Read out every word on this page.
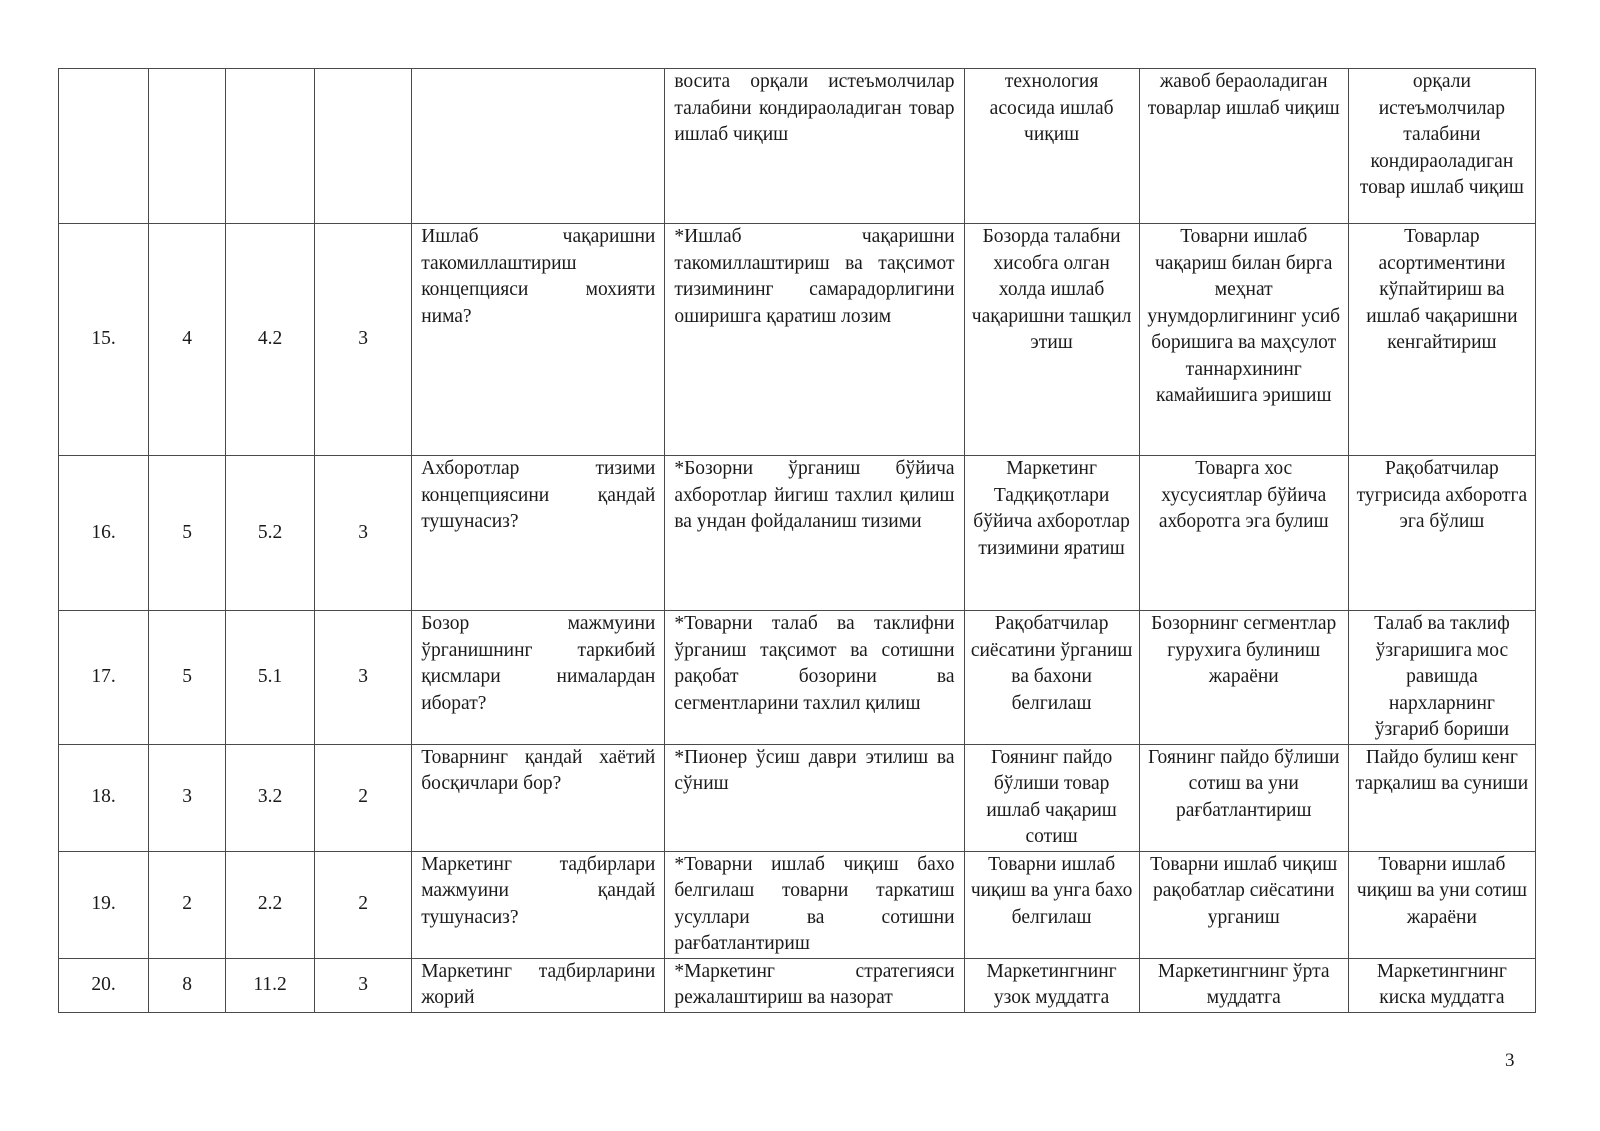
					восита орқали истеъмолчилар талабини кондираоладиган товар ишлаб чиқиш	технология асосида ишлаб чиқиш	жавоб бераоладиган товарлар ишлаб чиқиш	орқали истеъмолчилар талабини кондираоладиган товар ишлаб чиқиш

15.	4	4.2	3	Ишлаб чақаришни такомиллаштириш концепцияси мохияти нима?	*Ишлаб чақаришни такомиллаштириш ва тақсимот тизимининг самарадорлигини оширишга қаратиш лозим	Бозорда талабни хисобга олган холда ишлаб чақаришни ташқил этиш	Товарни ишлаб чақариш билан бирга меҳнат унумдорлигининг усиб боришига ва маҳсулот таннархининг камайишига эришиш	Товарлар асортиментини кўпайтириш ва ишлаб чақаришни кенгайтириш

16.	5	5.2	3	Ахборотлар тизими концепциясини қандай тушунасиз?	*Бозорни ўрганиш бўйича ахборотлар йигиш тахлил қилиш ва ундан фойдаланиш тизими	Маркетинг Тадқиқотлари бўйича ахборотлар тизимини яратиш	Товарга хос хусусиятлар бўйича ахборотга эга булиш	Рақобатчилар тугрисида ахборотга эга бўлиш

17.	5	5.1	3	Бозор мажмуини ўрганишнинг таркибий қисмлари нималардан иборат?	*Товарни талаб ва таклифни ўрганиш тақсимот ва сотишни рақобат бозорини ва сегментларини тахлил қилиш	Рақобатчилар сиёсатини ўрганиш ва бахони белгилаш	Бозорнинг сегментлар гурухига булиниш жараёни	Талаб ва таклиф ўзгаришига мос равишда нархларнинг ўзгариб бориши

18.	3	3.2	2	Товарнинг қандай хаётий босқичлари бор?	*Пионер ўсиш даври этилиш ва сўниш	Гоянинг пайдо бўлиши товар ишлаб чақариш сотиш	Гоянинг пайдо бўлиши сотиш ва уни рағбатлантириш	Пайдо булиш кенг тарқалиш ва суниши

19.	2	2.2	2	Маркетинг тадбирлари мажмуини қандай тушунасиз?	*Товарни ишлаб чиқиш бахо белгилаш товарни таркатиш усуллари ва сотишни рағбатлантириш	Товарни ишлаб чиқиш ва унга бахо белгилаш	Товарни ишлаб чиқиш рақобатлар сиёсатини урганиш	Товарни ишлаб чиқиш ва уни сотиш жараёни

20.	8	11.2	3	Маркетинг тадбирларини жорий	*Маркетинг стратегияси режалаштириш ва назорат	Маркетингнинг узок муддатга	Маркетингнинг ўрта муддатга	Маркетингнинг киска муддатга
3
